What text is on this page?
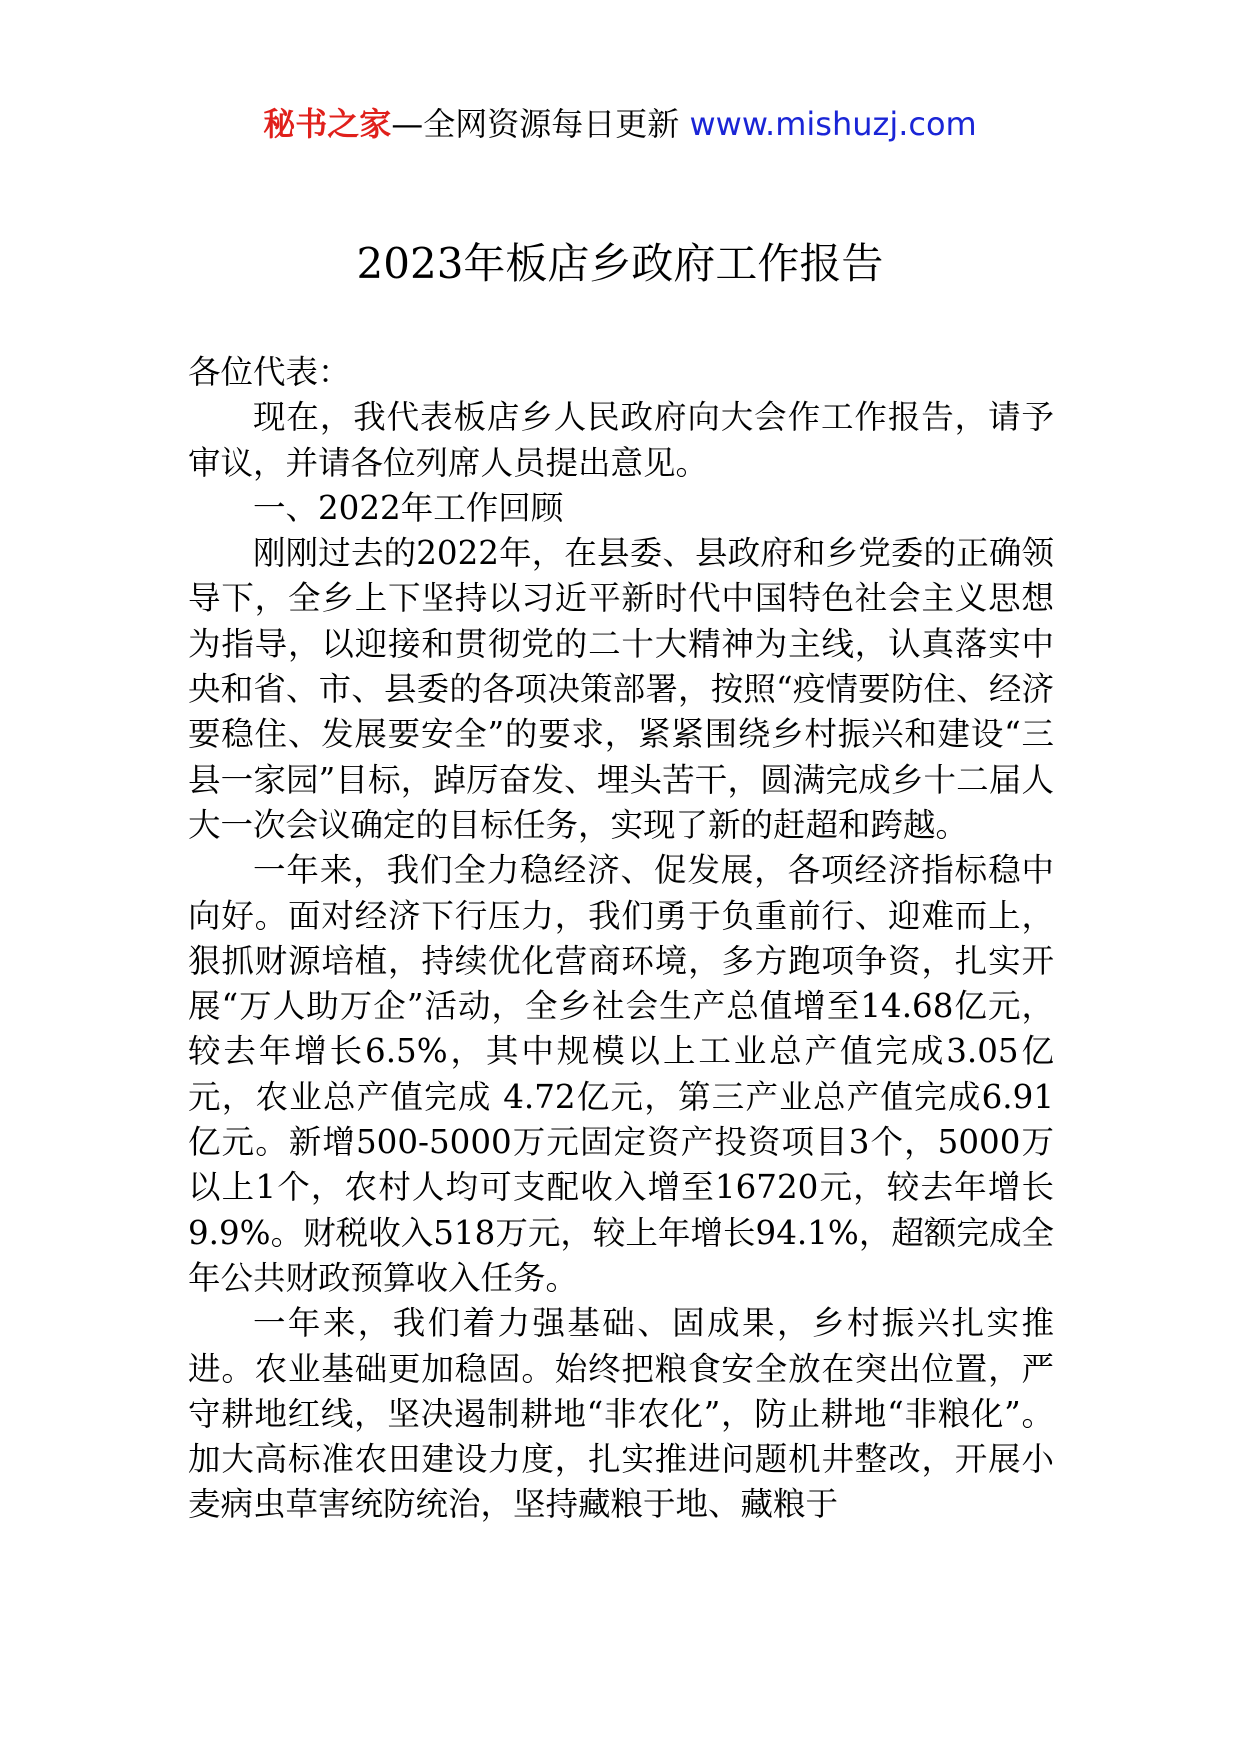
秘书之家—全网资源每日更新 www.mishuzj.com
2023年板店乡政府工作报告

各位代表：

现在，我代表板店乡人民政府向大会作工作报告，请予审议，并请各位列席人员提出意见。

一、2022年工作回顾

刚刚过去的2022年，在县委、县政府和乡党委的正确领导下，全乡上下坚持以习近平新时代中国特色社会主义思想为指导，以迎接和贯彻党的二十大精神为主线，认真落实中央和省、市、县委的各项决策部署，按照“疫情要防住、经济要稳住、发展要安全”的要求，紧紧围绕乡村振兴和建设“三县一家园”目标，踔厉奋发、埋头苦干，圆满完成乡十二届人大一次会议确定的目标任务，实现了新的赶超和跨越。

一年来，我们全力稳经济、促发展，各项经济指标稳中向好。面对经济下行压力，我们勇于负重前行、迎难而上，狠抓财源培植，持续优化营商环境，多方跑项争资，扎实开展“万人助万企”活动，全乡社会生产总值增至14.68亿元，较去年增长6.5%，其中规模以上工业总产值完成3.05亿元，农业总产值完成 4.72亿元，第三产业总产值完成6.91亿元。新增500-5000万元固定资产投资项目3个，5000万以上1个，农村人均可支配收入增至16720元，较去年增长9.9%。财税收入518万元，较上年增长94.1%，超额完成全年公共财政预算收入任务。

一年来，我们着力强基础、固成果，乡村振兴扎实推进。农业基础更加稳固。始终把粮食安全放在突出位置，严守耕地红线，坚决遏制耕地“非农化”，防止耕地“非粮化”。加大高标准农田建设力度，扎实推进问题机井整改，开展小麦病虫草害统防统治，坚持藏粮于地、藏粮于
